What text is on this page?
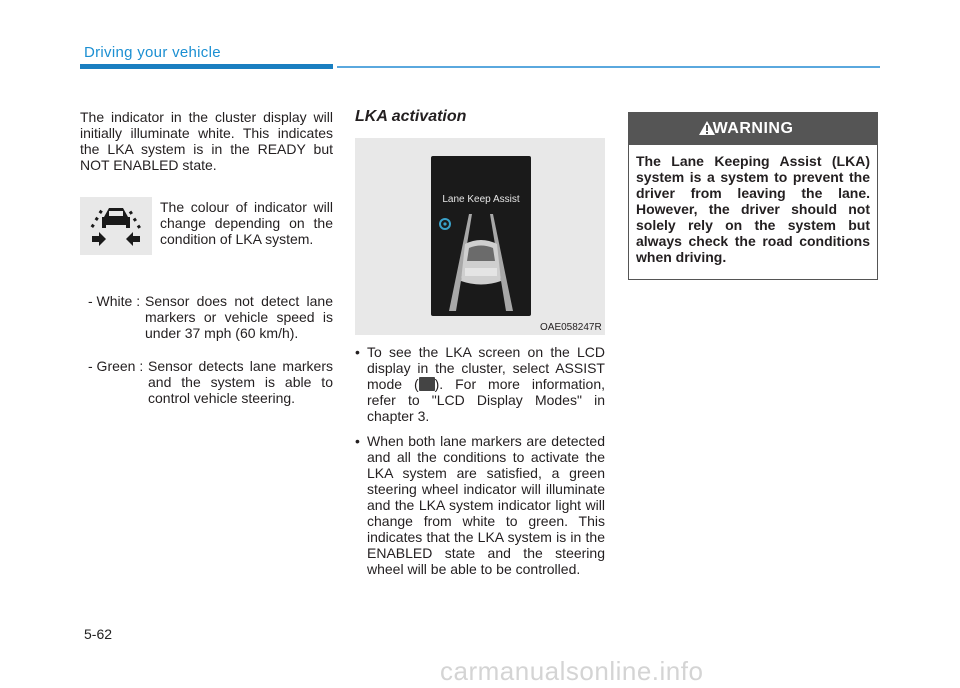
Driving your vehicle
The indicator in the cluster display will initially illuminate white. This indicates the LKA system is in the READY but NOT ENABLED state.
The colour of indicator will change depending on the condition of LKA system.
- White : Sensor does not detect lane markers or vehicle speed is under 37 mph (60 km/h).
- Green : Sensor detects lane markers and the system is able to control vehicle steering.
LKA activation
Lane Keep Assist
OAE058247R
• To see the LKA screen on the LCD display in the cluster, select ASSIST mode ( ). For more information, refer to "LCD Display Modes" in chapter 3.
• When both lane markers are detected and all the conditions to activate the LKA system are satisfied, a green steering wheel indicator will illuminate and the LKA system indicator light will change from white to green. This indicates that the LKA system is in the ENABLED state and the steering wheel will be able to be controlled.
WARNING
The Lane Keeping Assist (LKA) system is a system to prevent the driver from leaving the lane. However, the driver should not solely rely on the system but always check the road conditions when driving.
5-62
carmanualsonline.info
